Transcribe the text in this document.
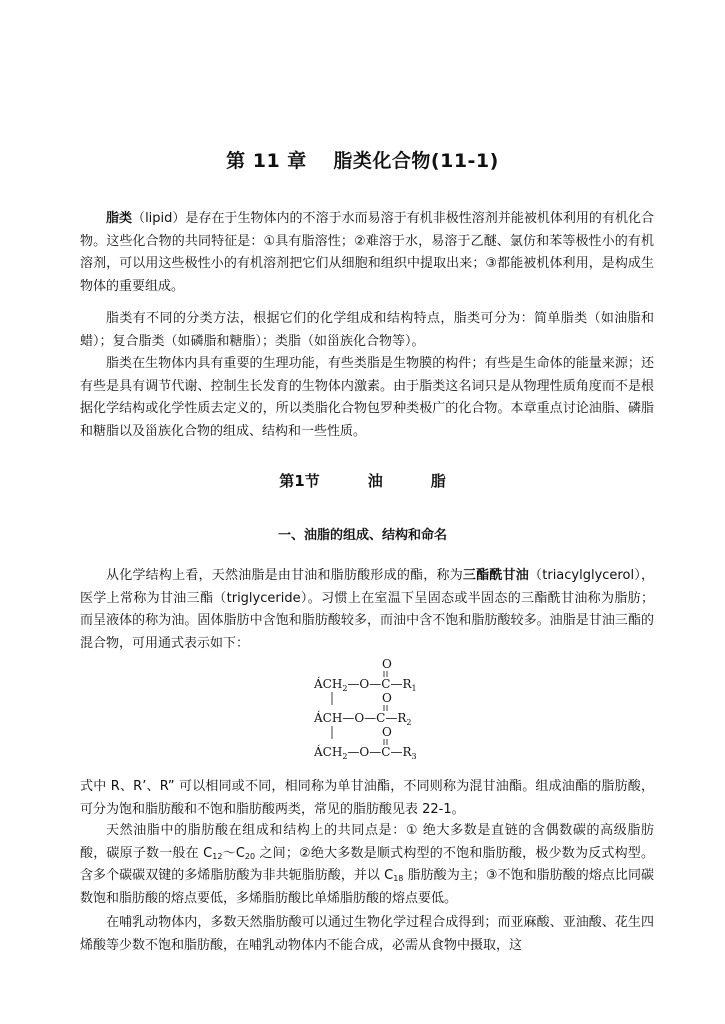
第 11 章　 脂类化合物(11-1)

脂类（lipid）是存在于生物体内的不溶于水而易溶于有机非极性溶剂并能被机体利用的有机化合物。这些化合物的共同特征是：①具有脂溶性；②难溶于水，易溶于乙醚、氯仿和苯等极性小的有机溶剂，可以用这些极性小的有机溶剂把它们从细胞和组织中提取出来；③都能被机体利用，是构成生物体的重要组成。

脂类有不同的分类方法，根据它们的化学组成和结构特点，脂类可分为：简单脂类（如油脂和蜡）；复合脂类（如磷脂和糖脂）；类脂（如甾族化合物等）。

脂类在生物体内具有重要的生理功能，有些类脂是生物膜的构件；有些是生命体的能量来源；还有些是具有调节代谢、控制生长发育的生物体内激素。由于脂类这名词只是从物理性质角度而不是根据化学结构或化学性质去定义的，所以类脂化合物包罗种类极广的化合物。本章重点讨论油脂、磷脂和糖脂以及甾族化合物的组成、结构和一些性质。

第1节	油	脂
一、油脂的组成、结构和命名

从化学结构上看，天然油脂是由甘油和脂肪酸形成的酯，称为三酯酰甘油（triacylglycerol），医学上常称为甘油三酯（triglyceride）。习惯上在室温下呈固态或半固态的三酯酰甘油称为脂肪；而呈液体的称为油。固体脂肪中含饱和脂肪酸较多，而油中含不饱和脂肪酸较多。油脂是甘油三酯的混合物，可用通式表示如下：

O
$ÁCH_2—O—C—R_1$
O
$ÁCH—O—C—R_2$
O
$ÁCH_2—O—C—R_3$

式中 R、R’、R” 可以相同或不同，相同称为单甘油酯，不同则称为混甘油酯。组成油酯的脂肪酸，可分为饱和脂肪酸和不饱和脂肪酸两类，常见的脂肪酸见表 22-1。

天然油脂中的脂肪酸在组成和结构上的共同点是：① 绝大多数是直链的含偶数碳的高级脂肪酸，碳原子数一般在 $C_{12}\sim C_{20}$ 之间；②绝大多数是顺式构型的不饱和脂肪酸，极少数为反式构型。含多个碳碳双键的多烯脂肪酸为非共轭脂肪酸，并以 $C_{18}$ 脂肪酸为主；③不饱和脂肪酸的熔点比同碳数饱和脂肪酸的熔点要低，多烯脂肪酸比单烯脂肪酸的熔点要低。

在哺乳动物体内，多数天然脂肪酸可以通过生物化学过程合成得到；而亚麻酸、亚油酸、花生四烯酸等少数不饱和脂肪酸，在哺乳动物体内不能合成，必需从食物中摄取，这
